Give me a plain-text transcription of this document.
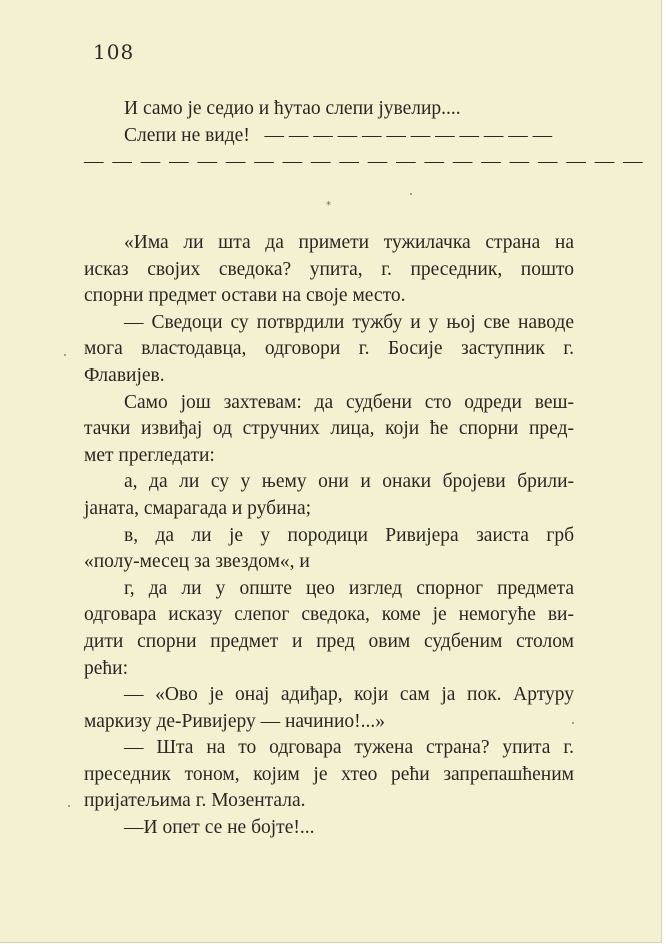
108
И само је седио и ћутао слепи јувелир....
Слепи не виде! — — — — — — — — — — — —
— — — — — — — — — — — — — — — — — — — —
*
«Има ли шта да примети тужилачка страна на
исказ својих сведока? упита, г. преседник, пошто
спорни предмет остави на своје место.
— Сведоци су потврдили тужбу и у њој све наводе
мога властодавца, одговори г. Босије заступник г.
Флавијев.
Само још захтевам: да судбени сто одреди веш-
тачки извиђај од стручних лица, који ће спорни пред-
мет прегледати:
а, да ли су у њему они и онаки бројеви брили-
јаната, смарагада и рубина;
в, да ли је у породици Ривијера заиста грб
«полу-месец за звездом«, и
г, да ли у опште цео изглед спорног предмета
одговара исказу слепог сведока, коме је немогуће ви-
дити спорни предмет и пред овим судбеним столом
рећи:
— «Ово је онај адиђар, који сам ја пок. Артуру
маркизу де-Ривијеру — начинио!...»
— Шта на то одговара тужена страна? упита г.
преседник тоном, којим је хтео рећи запрепашћеним
пријатељима г. Мозентала.
—И опет се не бојте!...
